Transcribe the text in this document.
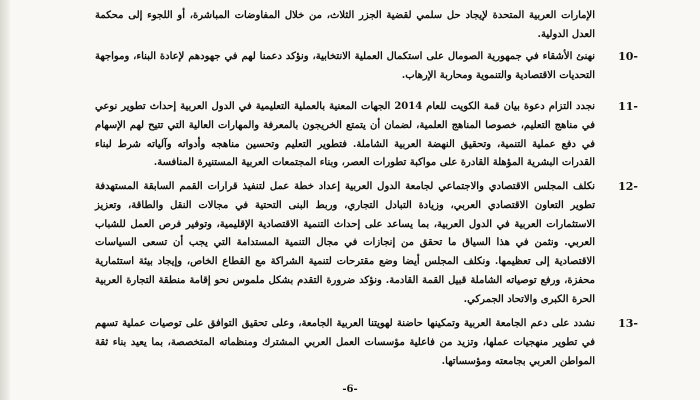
الإمارات العربية المتحدة لإيجاد حل سلمي لقضية الجزر الثلاث، من خلال المفاوضات المباشرة، أو اللجوء إلى محكمة العدل الدولية.

10-

نهنئ الأشقاء في جمهورية الصومال على استكمال العملية الانتخابية، ونؤكد دعمنا لهم في جهودهم لإعادة البناء، ومواجهة التحديات الاقتصادية والتنموية ومحاربة الإرهاب.

11-

نجدد التزام دعوة بيان قمة الكويت للعام 2014 الجهات المعنية بالعملية التعليمية في الدول العربية إحداث تطوير نوعي في مناهج التعليم، خصوصا المناهج العلمية، لضمان أن يتمتع الخريجون بالمعرفة والمهارات العالية التي تتيح لهم الإسهام في دفع عملية التنمية، وتحقيق النهضة العربية الشاملة. فتطوير التعليم وتحسين مناهجه وأدواته وآلياته شرط لبناء القدرات البشرية المؤهلة القادرة على مواكبة تطورات العصر، وبناء المجتمعات العربية المستنيرة المنافسة.

12-

نكلف المجلس الاقتصادي والاجتماعي لجامعة الدول العربية إعداد خطة عمل لتنفيذ قرارات القمم السابقة المستهدفة تطوير التعاون الاقتصادي العربي، وزيادة التبادل التجاري، وربط البنى التحتية في مجالات النقل والطاقة، وتعزيز الاستثمارات العربية في الدول العربية، بما يساعد على إحداث التنمية الاقتصادية الإقليمية، وتوفير فرص العمل للشباب العربي. ونثمن في هذا السياق ما تحقق من إنجازات في مجال التنمية المستدامة التي يجب أن تسعى السياسات الاقتصادية إلى تعظيمها. ونكلف المجلس أيضا وضع مقترحات لتنمية الشراكة مع القطاع الخاص، وإيجاد بيئة استثمارية محفزة، ورفع توصياته الشاملة قبيل القمة القادمة. ونؤكد ضرورة التقدم بشكل ملموس نحو إقامة منطقة التجارة العربية الحرة الكبرى والاتحاد الجمركي.

13-

نشدد على دعم الجامعة العربية وتمكينها حاضنة لهويتنا العربية الجامعة، وعلى تحقيق التوافق على توصيات عملية تسهم في تطوير منهجيات عملها، وتزيد من فاعلية مؤسسات العمل العربي المشترك ومنظماته المتخصصة، بما يعيد بناء ثقة المواطن العربي بجامعته ومؤسساتها.

-6-
